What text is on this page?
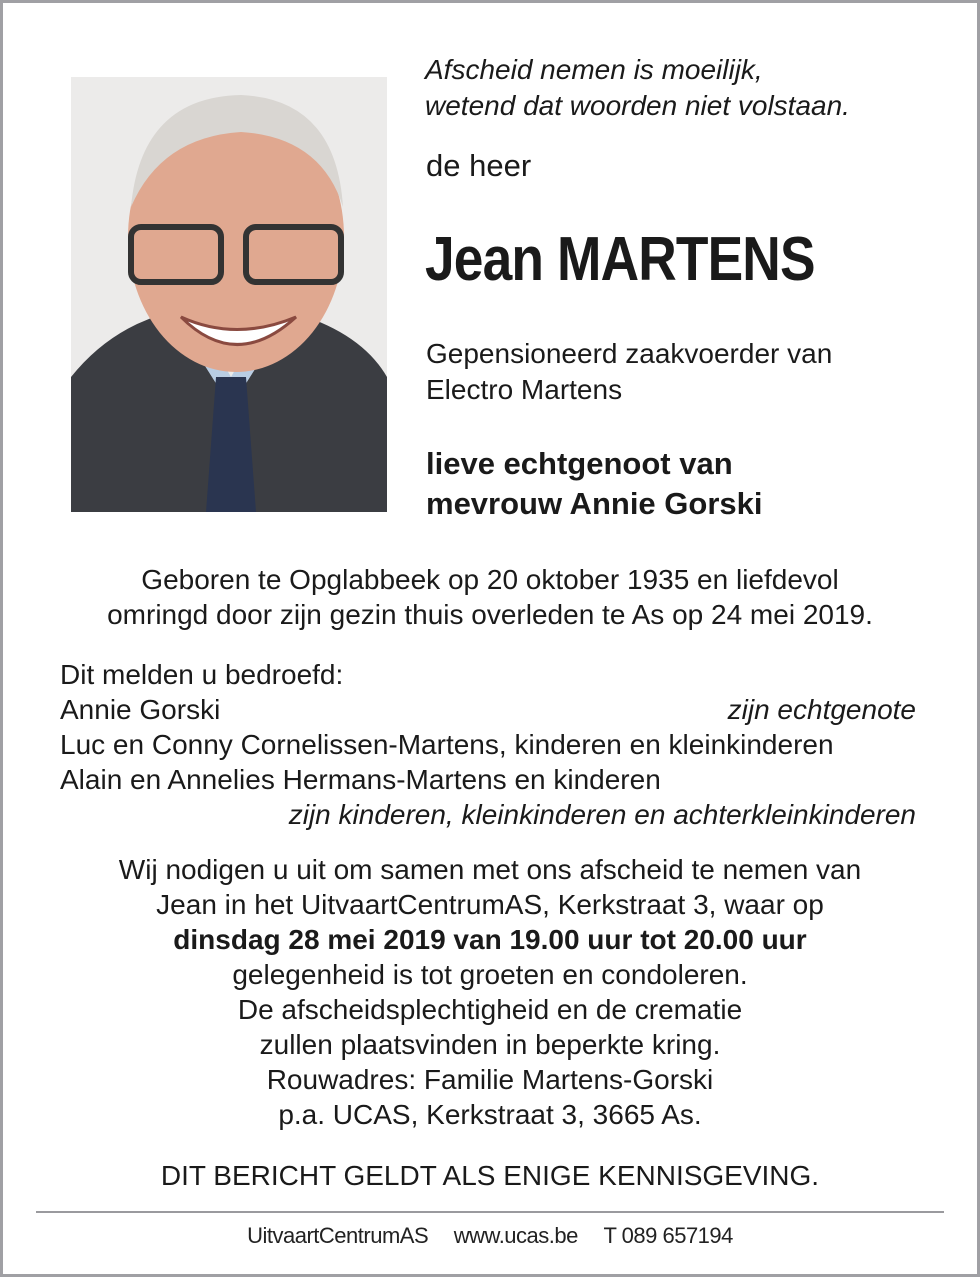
Afscheid nemen is moeilijk,
wetend dat woorden niet volstaan.
de heer
Jean MARTENS
Gepensioneerd zaakvoerder van
Electro Martens
lieve echtgenoot van
mevrouw Annie Gorski
Geboren te Opglabbeek op 20 oktober 1935 en liefdevol
omringd door zijn gezin thuis overleden te As op 24 mei 2019.
Dit melden u bedroefd:
Annie Gorski	zijn echtgenote
Luc en Conny Cornelissen-Martens, kinderen en kleinkinderen
Alain en Annelies Hermans-Martens en kinderen
zijn kinderen, kleinkinderen en achterkleinkinderen
Wij nodigen u uit om samen met ons afscheid te nemen van
Jean in het UitvaartCentrumAS, Kerkstraat 3, waar op
dinsdag 28 mei 2019 van 19.00 uur tot 20.00 uur
gelegenheid is tot groeten en condoleren.
De afscheidsplechtigheid en de crematie
zullen plaatsvinden in beperkte kring.
Rouwadres: Familie Martens-Gorski
p.a. UCAS, Kerkstraat 3, 3665 As.
DIT BERICHT GELDT ALS ENIGE KENNISGEVING.
UitvaartCentrumAS www.ucas.be T 089 657194
